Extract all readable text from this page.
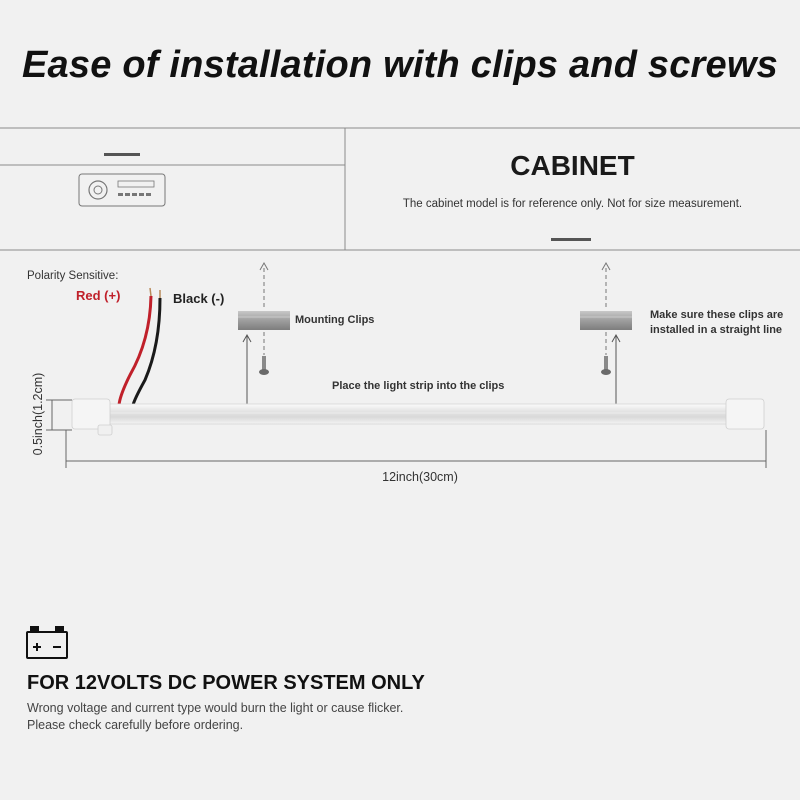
Ease of installation with clips and screws
CABINET
The cabinet model is for reference only. Not for size measurement.
Polarity Sensitive:
Red (+)	Black (-)
Mounting Clips	Make sure these clips are installed in a straight line
Place the light strip into the clips
12inch(30cm)
0.5inch(1.2cm)
FOR 12VOLTS DC POWER SYSTEM ONLY
Wrong voltage and current type would burn the light or cause flicker.
Please check carefully before ordering.
